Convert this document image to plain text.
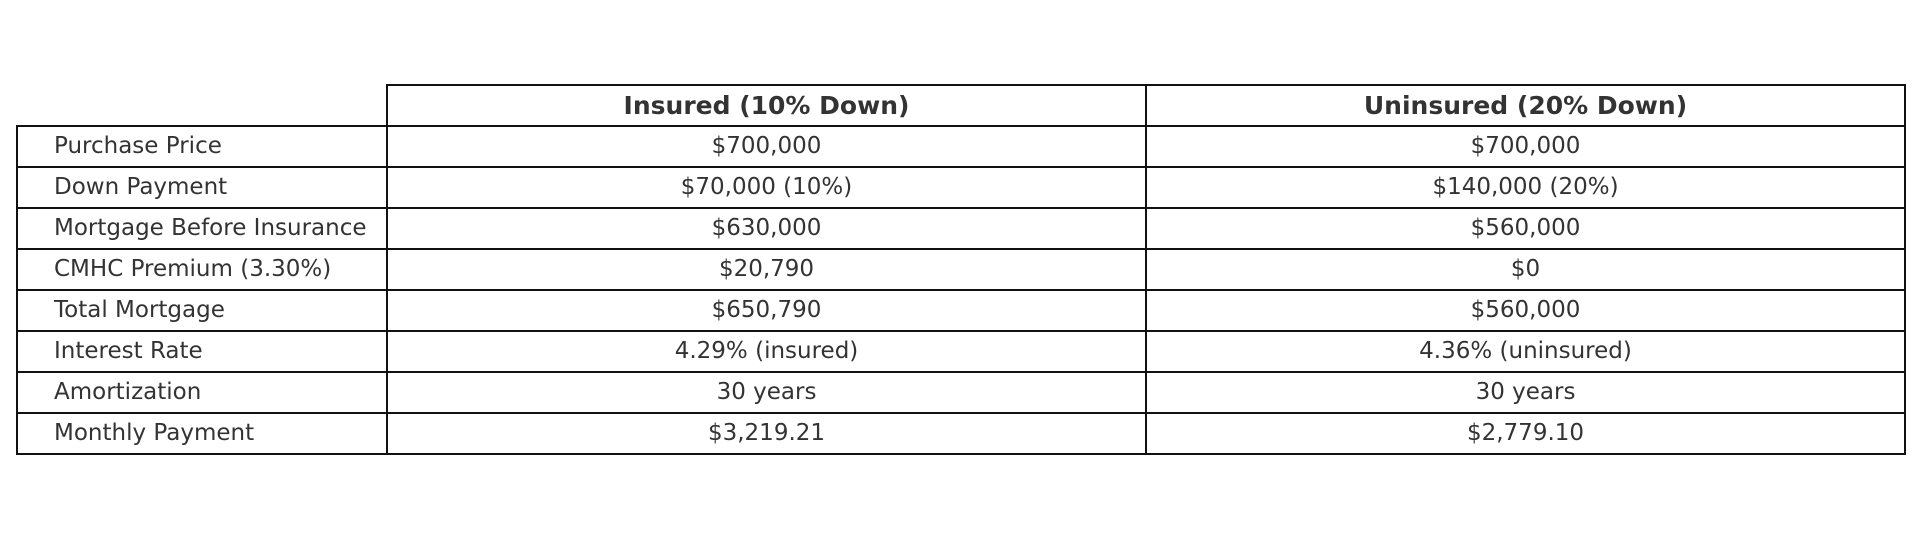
	Insured (10% Down)	Uninsured (20% Down)
Purchase Price	$700,000	$700,000
Down Payment	$70,000 (10%)	$140,000 (20%)
Mortgage Before Insurance	$630,000	$560,000
CMHC Premium (3.30%)	$20,790	$0
Total Mortgage	$650,790	$560,000
Interest Rate	4.29% (insured)	4.36% (uninsured)
Amortization	30 years	30 years
Monthly Payment	$3,219.21	$2,779.10
